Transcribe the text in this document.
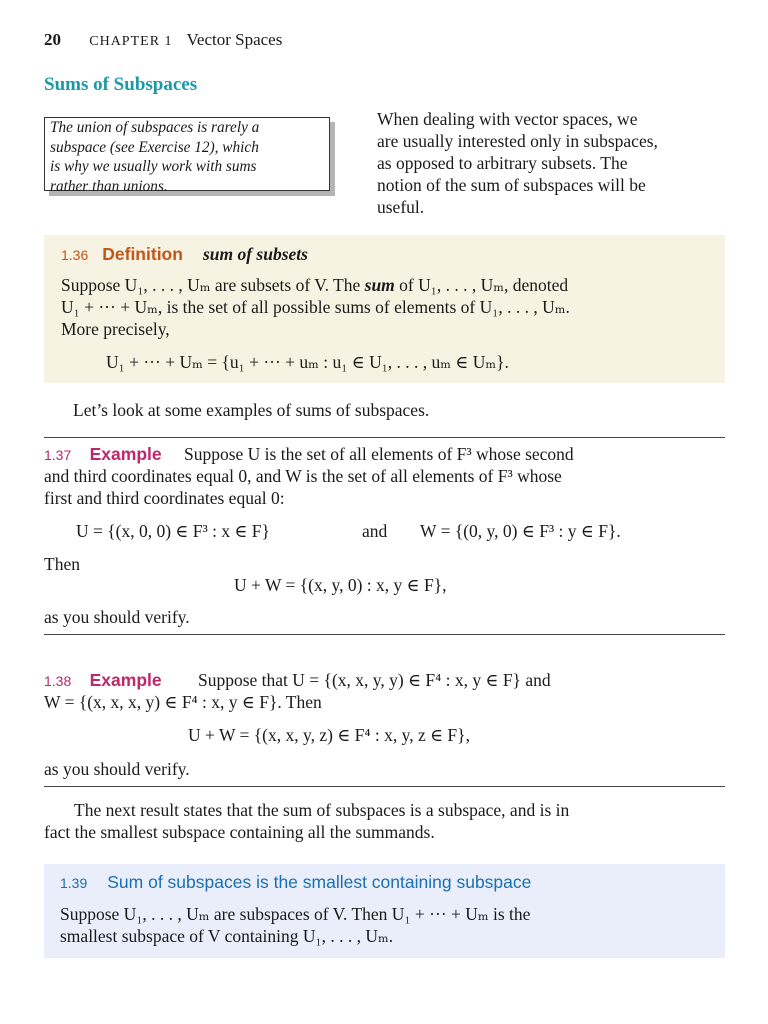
20 CHAPTER 1 Vector Spaces
Sums of Subspaces
The union of subspaces is rarely a
subspace (see Exercise 12), which
is why we usually work with sums
rather than unions.
When dealing with vector spaces, we
are usually interested only in subspaces,
as opposed to arbitrary subsets. The
notion of the sum of subspaces will be
useful.
1.36 Definition sum of subsets
Suppose U₁, . . . , Uₘ are subsets of V. The sum of U₁, . . . , Uₘ, denoted
U₁ + ··· + Uₘ, is the set of all possible sums of elements of U₁, . . . , Uₘ.
More precisely,
U₁ + ··· + Uₘ = {u₁ + ··· + uₘ : u₁ ∈ U₁, . . . , uₘ ∈ Uₘ}.
Let’s look at some examples of sums of subspaces.
1.37 Example Suppose U is the set of all elements of F³ whose second
and third coordinates equal 0, and W is the set of all elements of F³ whose
first and third coordinates equal 0:
U = {(x, 0, 0) ∈ F³ : x ∈ F}	and W = {(0, y, 0) ∈ F³ : y ∈ F}.
Then
U + W = {(x, y, 0) : x, y ∈ F},
as you should verify.
1.38 Example Suppose that U = {(x, x, y, y) ∈ F⁴ : x, y ∈ F} and
W = {(x, x, x, y) ∈ F⁴ : x, y ∈ F}. Then
U + W = {(x, x, y, z) ∈ F⁴ : x, y, z ∈ F},
as you should verify.
The next result states that the sum of subspaces is a subspace, and is in
fact the smallest subspace containing all the summands.
1.39 Sum of subspaces is the smallest containing subspace
Suppose U₁, . . . , Uₘ are subspaces of V. Then U₁ + ··· + Uₘ is the
smallest subspace of V containing U₁, . . . , Uₘ.
